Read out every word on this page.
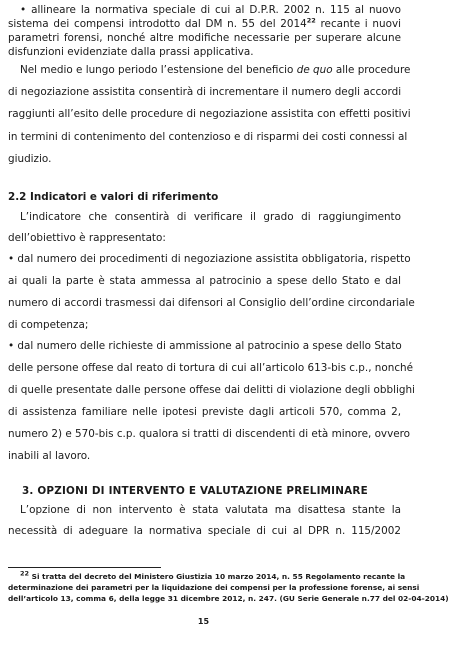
• allineare la normativa speciale di cui al D.P.R. 2002 n. 115 al nuovo

sistema dei compensi introdotto dal DM n. 55 del 2014$^{22}$ recante i nuovi

parametri forensi, nonché altre modifiche necessarie per superare alcune

disfunzioni evidenziate dalla prassi applicativa.

Nel medio e lungo periodo l’estensione del beneficio de quo alle procedure

di negoziazione assistita consentirà di incrementare il numero degli accordi

raggiunti all’esito delle procedure di negoziazione assistita con effetti positivi

in termini di contenimento del contenzioso e di risparmi dei costi connessi al

giudizio.

2.2 Indicatori e valori di riferimento

L’indicatore che consentirà di verificare il grado di raggiungimento

dell’obiettivo è rappresentato:

• dal numero dei procedimenti di negoziazione assistita obbligatoria, rispetto

ai quali la parte è stata ammessa al patrocinio a spese dello Stato e dal

numero di accordi trasmessi dai difensori al Consiglio dell’ordine circondariale

di competenza;

• dal numero delle richieste di ammissione al patrocinio a spese dello Stato

delle persone offese dal reato di tortura di cui all’articolo 613-bis c.p., nonché

di quelle presentate dalle persone offese dai delitti di violazione degli obblighi

di assistenza familiare nelle ipotesi previste dagli articoli 570, comma 2,

numero 2) e 570-bis c.p. qualora si tratti di discendenti di età minore, ovvero

inabili al lavoro.

3. OPZIONI DI INTERVENTO E VALUTAZIONE PRELIMINARE

L’opzione di non intervento è stata valutata ma disattesa stante la

necessità di adeguare la normativa speciale di cui al DPR n. 115/2002

$^{22}$ Si tratta del decreto del Ministero Giustizia 10 marzo 2014, n. 55 Regolamento recante la

determinazione dei parametri per la liquidazione dei compensi per la professione forense, ai sensi

dell’articolo 13, comma 6, della legge 31 dicembre 2012, n. 247. (GU Serie Generale n.77 del 02-04-2014)

15
